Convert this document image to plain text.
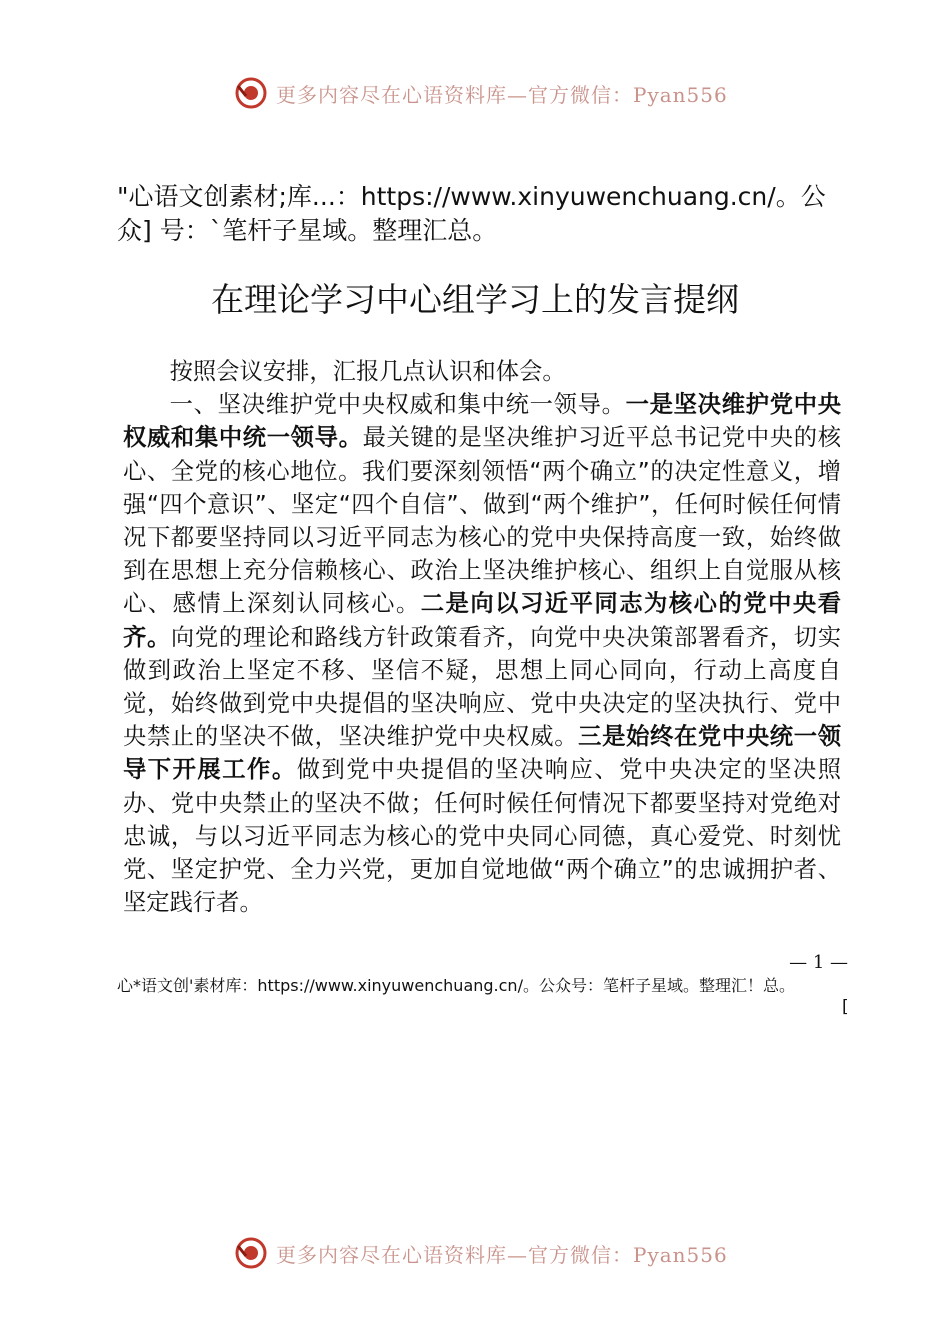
更多内容尽在心语资料库—官方微信：Pyan556

"心语文创素材;库...：https://www.xinyuwenchuang.cn/。公众] 号：`笔杆子星域。整理汇总。

在理论学习中心组学习上的发言提纲

按照会议安排，汇报几点认识和体会。

一、坚决维护党中央权威和集中统一领导。一是坚决维护党中央权威和集中统一领导。最关键的是坚决维护习近平总书记党中央的核心、全党的核心地位。我们要深刻领悟“两个确立”的决定性意义，增强“四个意识”、坚定“四个自信”、做到“两个维护”，任何时候任何情况下都要坚持同以习近平同志为核心的党中央保持高度一致，始终做到在思想上充分信赖核心、政治上坚决维护核心、组织上自觉服从核心、感情上深刻认同核心。二是向以习近平同志为核心的党中央看齐。向党的理论和路线方针政策看齐，向党中央决策部署看齐，切实做到政治上坚定不移、坚信不疑，思想上同心同向，行动上高度自觉，始终做到党中央提倡的坚决响应、党中央决定的坚决执行、党中央禁止的坚决不做，坚决维护党中央权威。三是始终在党中央统一领导下开展工作。做到党中央提倡的坚决响应、党中央决定的坚决照办、党中央禁止的坚决不做；任何时候任何情况下都要坚持对党绝对忠诚，与以习近平同志为核心的党中央同心同德，真心爱党、时刻忧党、坚定护党、全力兴党，更加自觉地做“两个确立”的忠诚拥护者、坚定践行者。

— 1 —
心*语文创'素材库：https://www.xinyuwenchuang.cn/。公众号：笔杆子星域。整理汇！总。
[
更多内容尽在心语资料库—官方微信：Pyan556
